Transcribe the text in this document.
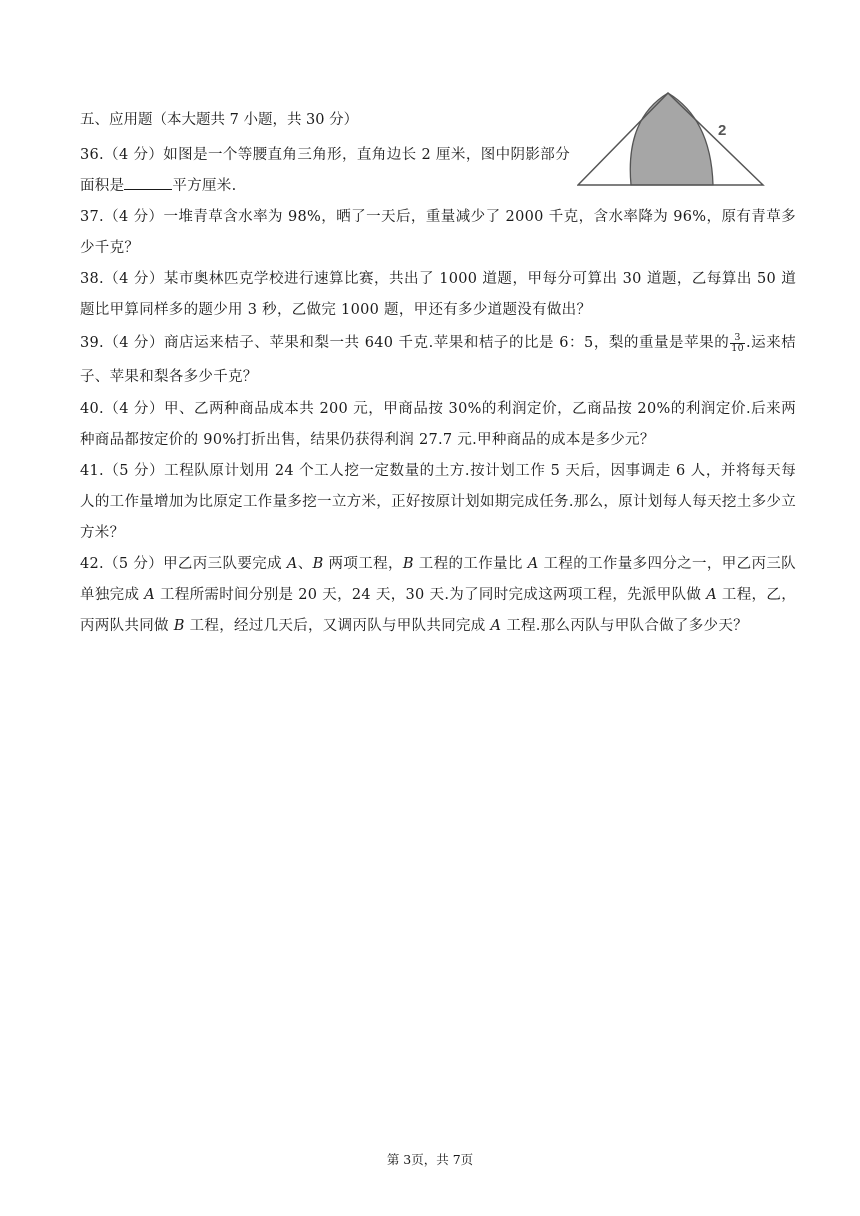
2
五、应用题（本大题共 7 小题，共 30 分）
36.（4 分）如图是一个等腰直角三角形，直角边长 2 厘米，图中阴影部分面积是	平方厘米.
37.（4 分）一堆青草含水率为 98%，晒了一天后，重量减少了 2000 千克，含水率降为 96%，原有青草多少千克？
38.（4 分）某市奥林匹克学校进行速算比赛，共出了 1000 道题，甲每分可算出 30 道题，乙每算出 50 道题比甲算同样多的题少用 3 秒，乙做完 1000 题，甲还有多少道题没有做出？
39.（4 分）商店运来桔子、苹果和梨一共 640 千克.苹果和桔子的比是 6：5，梨的重量是苹果的 $\frac{3}{10}$ .运来桔子、苹果和梨各多少千克？
40.（4 分）甲、乙两种商品成本共 200 元，甲商品按 30%的利润定价，乙商品按 20%的利润定价.后来两种商品都按定价的 90%打折出售，结果仍获得利润 27.7 元.甲种商品的成本是多少元？
41.（5 分）工程队原计划用 24 个工人挖一定数量的土方.按计划工作 5 天后，因事调走 6 人，并将每天每人的工作量增加为比原定工作量多挖一立方米，正好按原计划如期完成任务.那么，原计划每人每天挖土多少立方米？
42.（5 分）甲乙丙三队要完成 A、B 两项工程，B 工程的工作量比 A 工程的工作量多四分之一，甲乙丙三队单独完成 A 工程所需时间分别是 20 天，24 天，30 天.为了同时完成这两项工程，先派甲队做 A 工程，乙，丙两队共同做 B 工程，经过几天后，又调丙队与甲队共同完成 A 工程.那么丙队与甲队合做了多少天？
第 3页，共 7页
